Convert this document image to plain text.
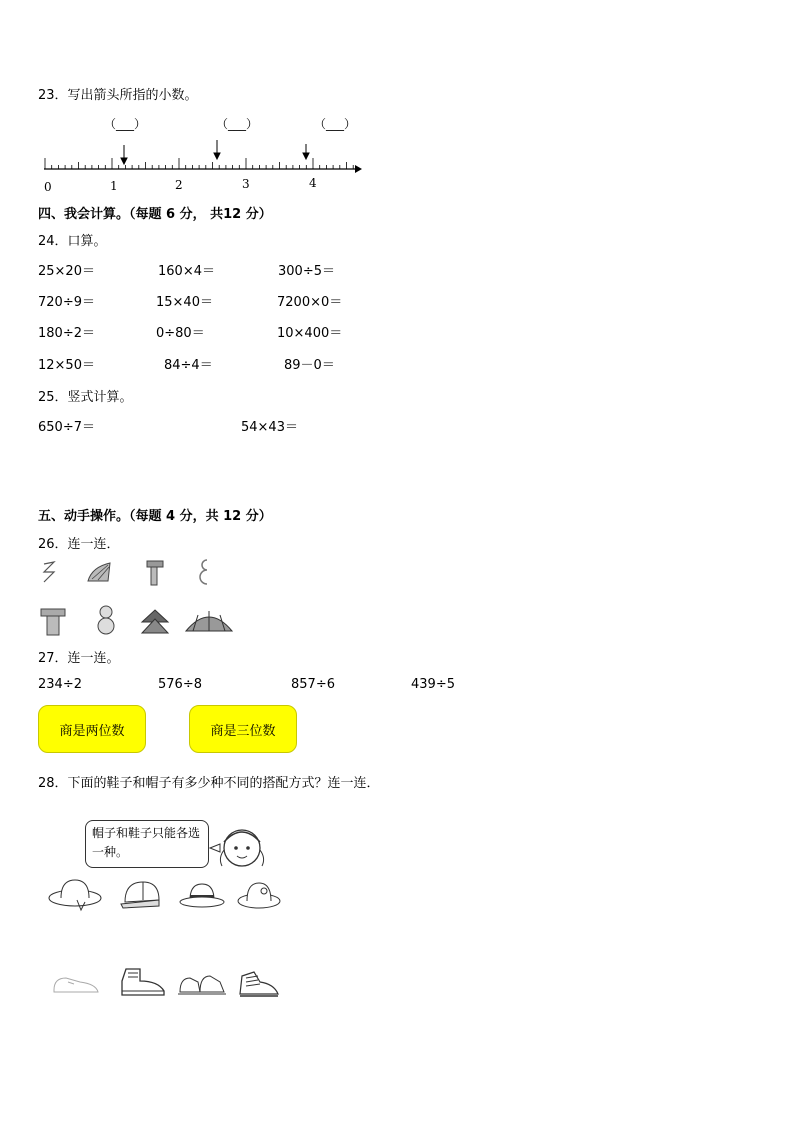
23．写出箭头所指的小数。
（___）	（___）	（___）
0	1	2	3	4
四、我会计算。（每题 6 分， 共12 分）
24．口算。
25×20＝	160×4＝	300÷5＝
720÷9＝	15×40＝	7200×0＝
180÷2＝	0÷80＝	10×400＝
12×50＝	84÷4＝	89－0＝
25．竖式计算。
650÷7＝	54×43＝
五、动手操作。（每题 4 分，共 12 分）
26．连一连．
27．连一连。
234÷2	576÷8	857÷6	439÷5
商是两位数	商是三位数
28．下面的鞋子和帽子有多少种不同的搭配方式？连一连．
帽子和鞋子只能各选一种。
